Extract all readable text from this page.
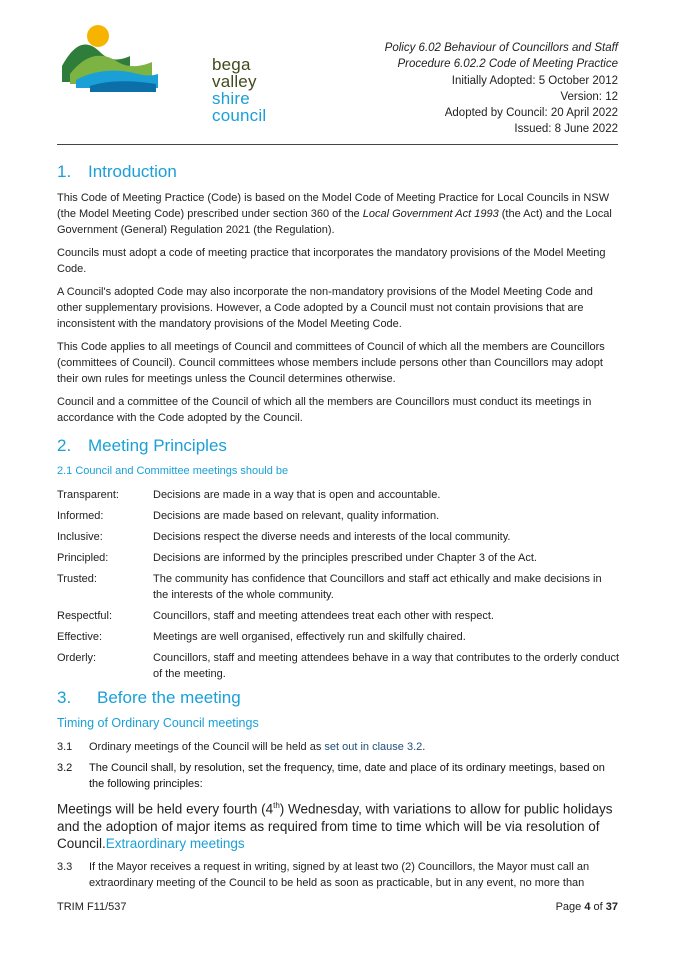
bega valley
shire council
Policy 6.02 Behaviour of Councillors and Staff
Procedure 6.02.2 Code of Meeting Practice
Initially Adopted: 5 October 2012
Version: 12
Adopted by Council: 20 April 2022
Issued: 8 June 2022
1. Introduction

This Code of Meeting Practice (Code) is based on the Model Code of Meeting Practice for Local Councils in NSW (the Model Meeting Code) prescribed under section 360 of the Local Government Act 1993 (the Act) and the Local Government (General) Regulation 2021 (the Regulation).

Councils must adopt a code of meeting practice that incorporates the mandatory provisions of the Model Meeting Code.

A Council's adopted Code may also incorporate the non-mandatory provisions of the Model Meeting Code and other supplementary provisions. However, a Code adopted by a Council must not contain provisions that are inconsistent with the mandatory provisions of the Model Meeting Code.

This Code applies to all meetings of Council and committees of Council of which all the members are Councillors (committees of Council). Council committees whose members include persons other than Councillors may adopt their own rules for meetings unless the Council determines otherwise.

Council and a committee of the Council of which all the members are Councillors must conduct its meetings in accordance with the Code adopted by the Council.

2. Meeting Principles
2.1 Council and Committee meetings should be
Transparent:	Decisions are made in a way that is open and accountable.
Informed:	Decisions are made based on relevant, quality information.
Inclusive:	Decisions respect the diverse needs and interests of the local community.
Principled:	Decisions are informed by the principles prescribed under Chapter 3 of the Act.
Trusted:	The community has confidence that Councillors and staff act ethically and make decisions in the interests of the whole community.
Respectful:	Councillors, staff and meeting attendees treat each other with respect.
Effective:	Meetings are well organised, effectively run and skilfully chaired.
Orderly:	Councillors, staff and meeting attendees behave in a way that contributes to the orderly conduct of the meeting.
3.	Before the meeting
Timing of Ordinary Council meetings
3.1	Ordinary meetings of the Council will be held as set out in clause 3.2.
3.2	The Council shall, by resolution, set the frequency, time, date and place of its ordinary meetings, based on the following principles:

Meetings will be held every fourth (4th) Wednesday, with variations to allow for public holidays and the adoption of major items as required from time to time which will be via resolution of Council.Extraordinary meetings

3.3	If the Mayor receives a request in writing, signed by at least two (2) Councillors, the Mayor must call an extraordinary meeting of the Council to be held as soon as practicable, but in any event, no more than
TRIM F11/537	Page 4 of 37
